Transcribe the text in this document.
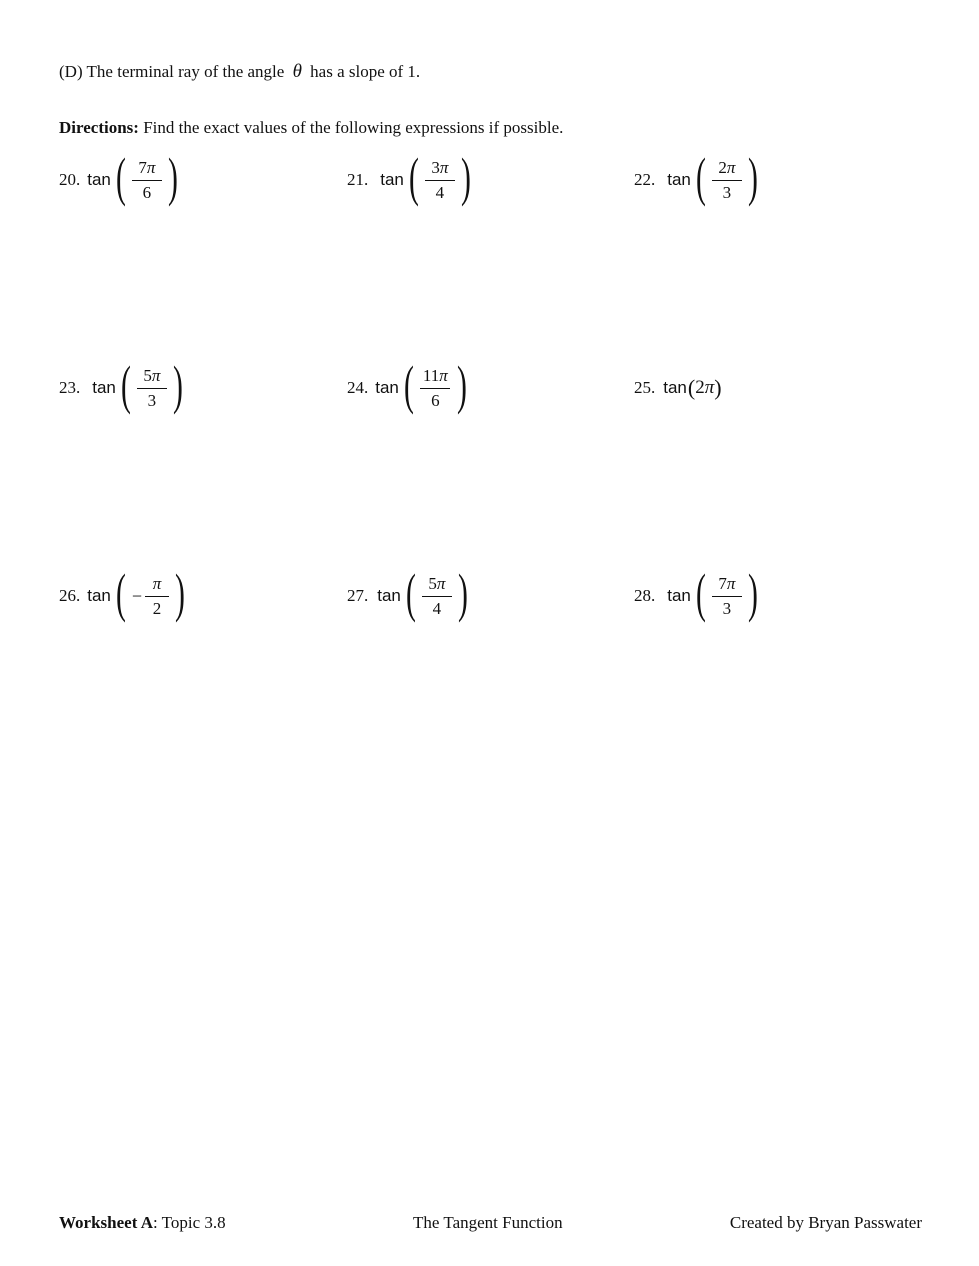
(D) The terminal ray of the angle θ has a slope of 1.
Directions: Find the exact values of the following expressions if possible.
20. tan ( $\frac{7\pi}{6}$ )	21. tan ( $\frac{3\pi}{4}$ )	22. tan ( $\frac{2\pi}{3}$ )
23. tan ( $\frac{5\pi}{3}$ )	24. tan ( $\frac{11\pi}{6}$ )	25. tan ( 2π )
26. tan ( − $\frac{\pi}{2}$ )	27. tan ( $\frac{5\pi}{4}$ )	28. tan ( $\frac{7\pi}{3}$ )
Worksheet A: Topic 3.8	The Tangent Function	Created by Bryan Passwater
